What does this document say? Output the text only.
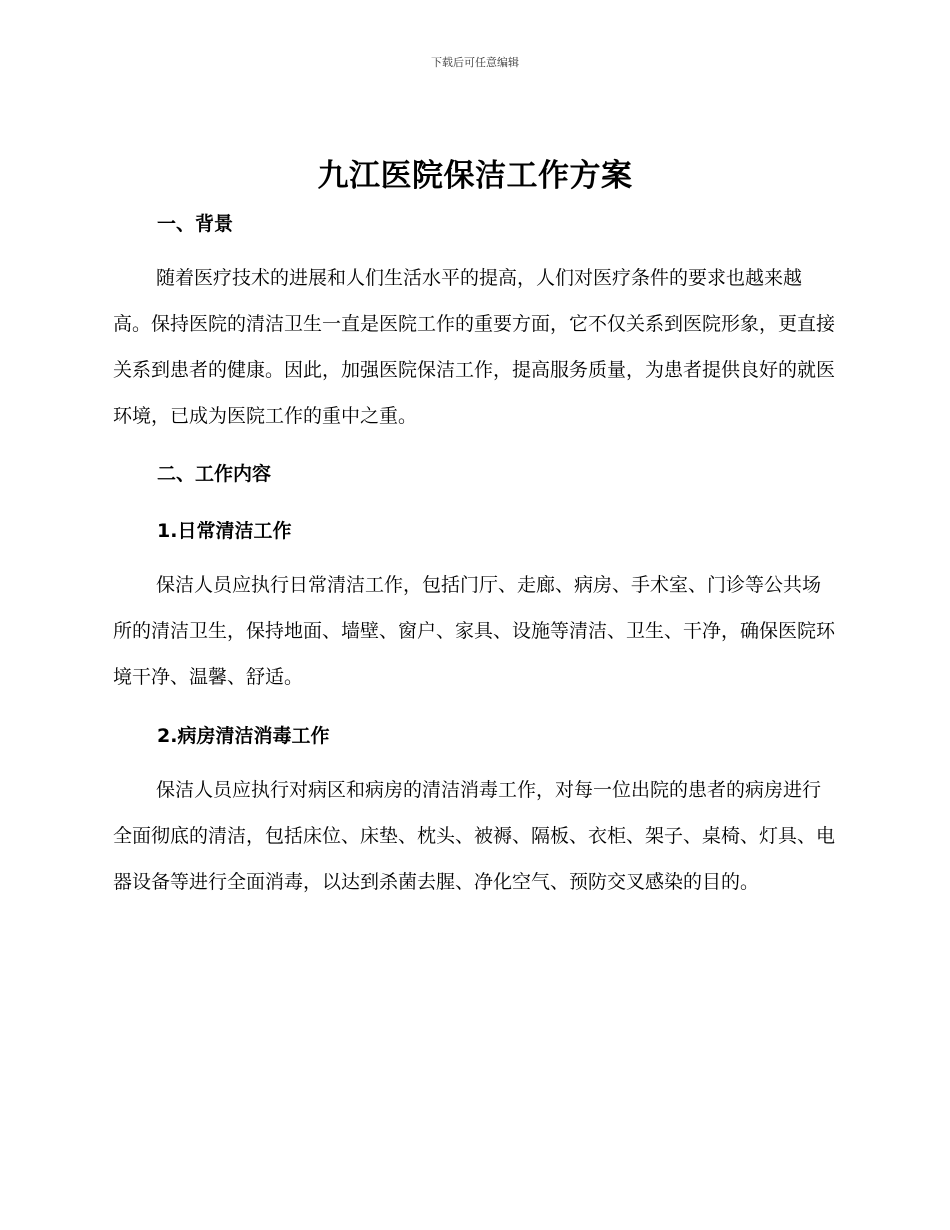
下载后可任意编辑
九江医院保洁工作方案
一、背景

随着医疗技术的进展和人们生活水平的提高，人们对医疗条件的要求也越来越高。保持医院的清洁卫生一直是医院工作的重要方面，它不仅关系到医院形象，更直接关系到患者的健康。因此，加强医院保洁工作，提高服务质量，为患者提供良好的就医环境，已成为医院工作的重中之重。

二、工作内容
1.日常清洁工作

保洁人员应执行日常清洁工作，包括门厅、走廊、病房、手术室、门诊等公共场所的清洁卫生，保持地面、墙壁、窗户、家具、设施等清洁、卫生、干净，确保医院环境干净、温馨、舒适。

2.病房清洁消毒工作

保洁人员应执行对病区和病房的清洁消毒工作，对每一位出院的患者的病房进行全面彻底的清洁，包括床位、床垫、枕头、被褥、隔板、衣柜、架子、桌椅、灯具、电器设备等进行全面消毒，以达到杀菌去腥、净化空气、预防交叉感染的目的。
